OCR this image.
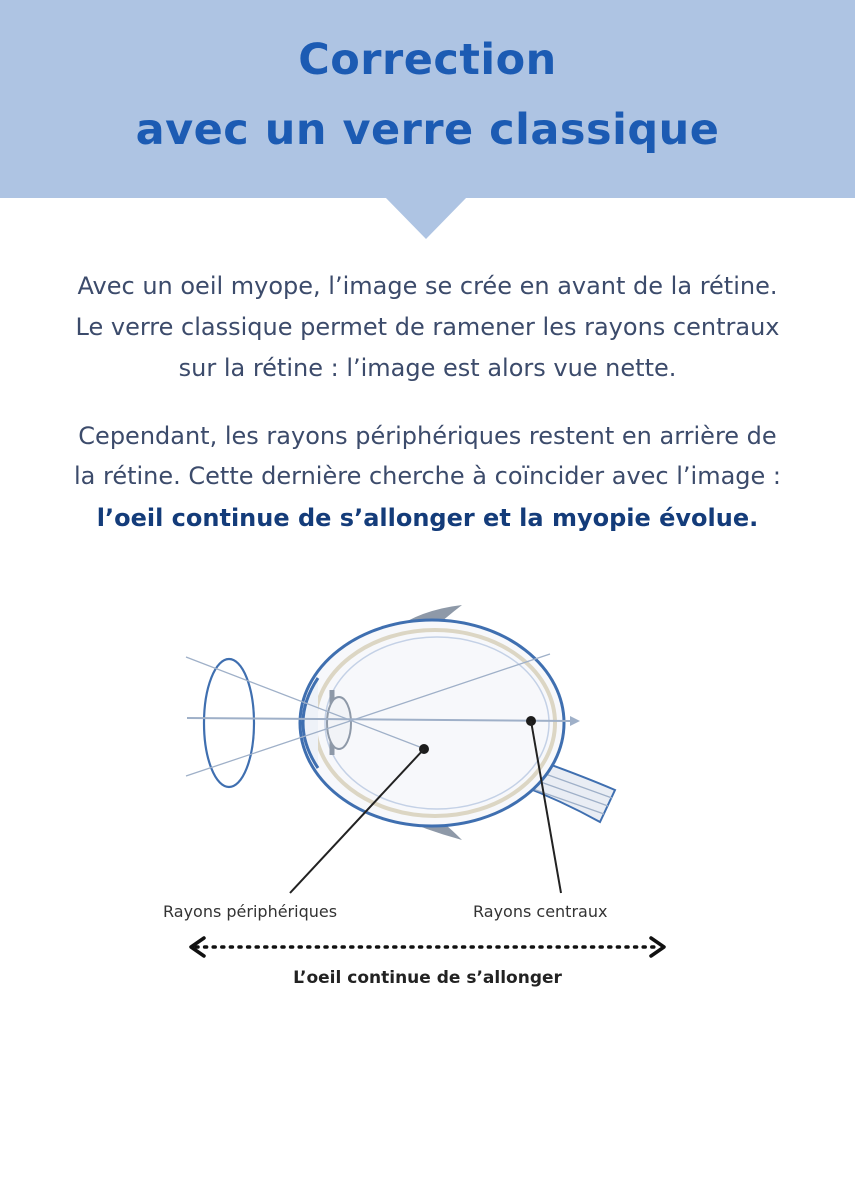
Correction
avec un verre classique
Avec un oeil myope, l’image se crée en avant de la rétine.
Le verre classique permet de ramener les rayons centraux
sur la rétine : l’image est alors vue nette.
Cependant, les rayons périphériques restent en arrière de
la rétine. Cette dernière cherche à coïncider avec l’image :
l’oeil continue de s’allonger et la myopie évolue.
Rayons périphériques	Rayons centraux
L’oeil continue de s’allonger
